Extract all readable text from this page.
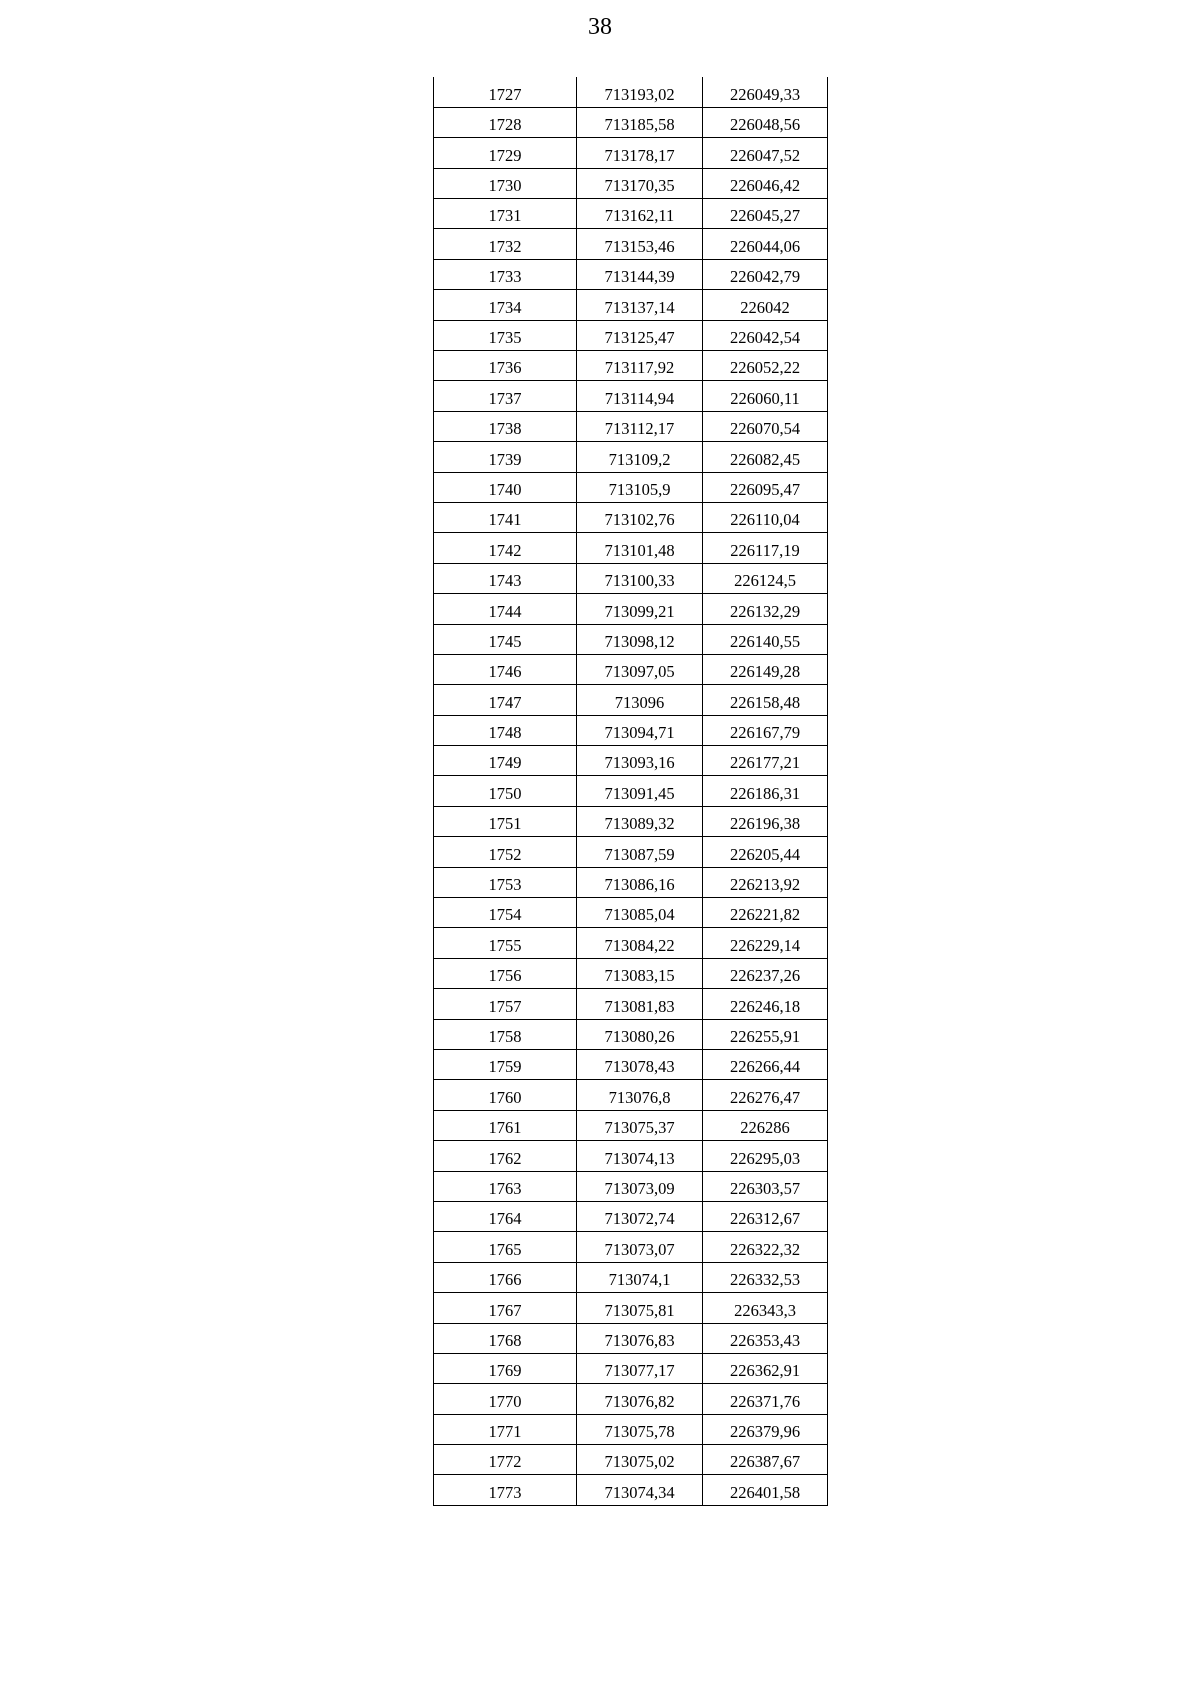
38
1727	713193,02	226049,33
1728	713185,58	226048,56
1729	713178,17	226047,52
1730	713170,35	226046,42
1731	713162,11	226045,27
1732	713153,46	226044,06
1733	713144,39	226042,79
1734	713137,14	226042
1735	713125,47	226042,54
1736	713117,92	226052,22
1737	713114,94	226060,11
1738	713112,17	226070,54
1739	713109,2	226082,45
1740	713105,9	226095,47
1741	713102,76	226110,04
1742	713101,48	226117,19
1743	713100,33	226124,5
1744	713099,21	226132,29
1745	713098,12	226140,55
1746	713097,05	226149,28
1747	713096	226158,48
1748	713094,71	226167,79
1749	713093,16	226177,21
1750	713091,45	226186,31
1751	713089,32	226196,38
1752	713087,59	226205,44
1753	713086,16	226213,92
1754	713085,04	226221,82
1755	713084,22	226229,14
1756	713083,15	226237,26
1757	713081,83	226246,18
1758	713080,26	226255,91
1759	713078,43	226266,44
1760	713076,8	226276,47
1761	713075,37	226286
1762	713074,13	226295,03
1763	713073,09	226303,57
1764	713072,74	226312,67
1765	713073,07	226322,32
1766	713074,1	226332,53
1767	713075,81	226343,3
1768	713076,83	226353,43
1769	713077,17	226362,91
1770	713076,82	226371,76
1771	713075,78	226379,96
1772	713075,02	226387,67
1773	713074,34	226401,58
